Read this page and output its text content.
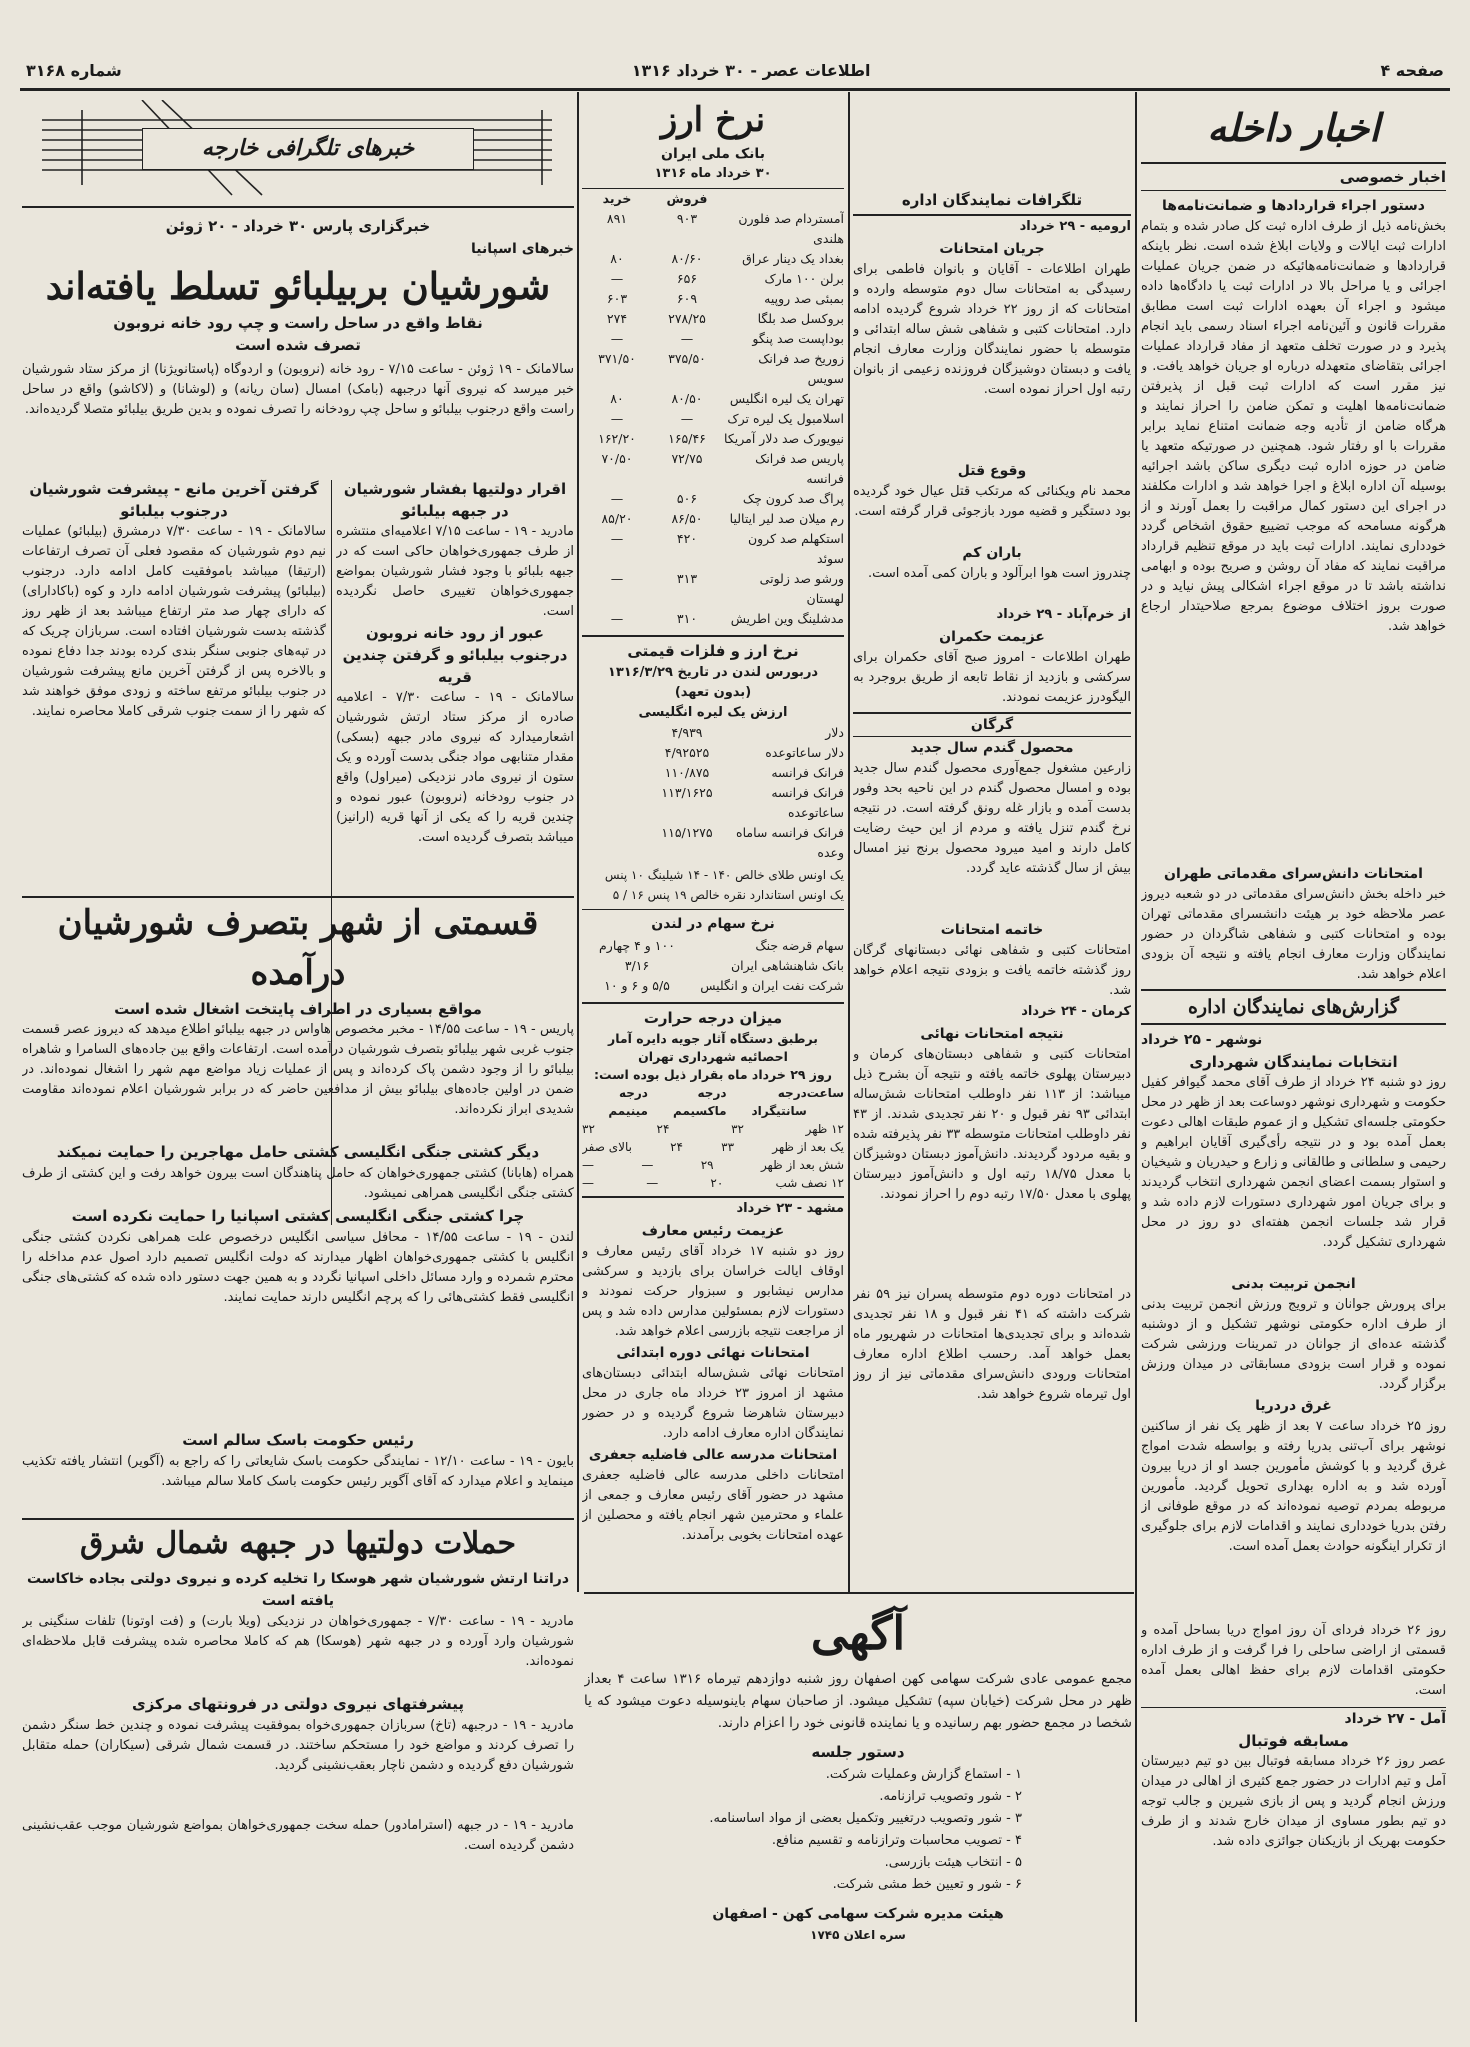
صفحه ۴
اطلاعات عصر - ۳۰ خرداد ۱۳۱۶
شماره ۳۱۶۸

اخبار داخله

اخبار خصوصی

دستور اجراء قراردادها و ضمانت‌نامه‌ها

بخش‌نامه ذیل از طرف اداره ثبت کل صادر شده و بتمام ادارات ثبت ایالات و ولایات ابلاغ شده است. نظر باینکه قراردادها و ضمانت‌نامه‌هائیکه در ضمن جریان عملیات اجرائی و یا مراحل بالا در ادارات ثبت یا دادگاه‌ها داده میشود و اجراء آن بعهده ادارات ثبت است مطابق مقررات قانون و آئین‌نامه اجراء اسناد رسمی باید انجام پذیرد و در صورت تخلف متعهد از مفاد قرارداد عملیات اجرائی بتقاضای متعهدله درباره او جریان خواهد یافت. و نیز مقرر است که ادارات ثبت قبل از پذیرفتن ضمانت‌نامه‌ها اهلیت و تمکن ضامن را احراز نمایند و هرگاه ضامن از تأدیه وجه ضمانت امتناع نماید برابر مقررات با او رفتار شود. همچنین در صورتیکه متعهد یا ضامن در حوزه اداره ثبت دیگری ساکن باشد اجرائیه بوسیله آن اداره ابلاغ و اجرا خواهد شد و ادارات مکلفند در اجرای این دستور کمال مراقبت را بعمل آورند و از هرگونه مسامحه که موجب تضییع حقوق اشخاص گردد خودداری نمایند. ادارات ثبت باید در موقع تنظیم قرارداد مراقبت نمایند که مفاد آن روشن و صریح بوده و ابهامی نداشته باشد تا در موقع اجراء اشکالی پیش نیاید و در صورت بروز اختلاف موضوع بمرجع صلاحیتدار ارجاع خواهد شد.

امتحانات دانش‌سرای مقدماتی طهران

خبر داخله بخش دانش‌سرای مقدماتی در دو شعبه دیروز عصر ملاحظه خود بر هیئت دانشسرای مقدماتی تهران بوده و امتحانات کتبی و شفاهی شاگردان در حضور نمایندگان وزارت معارف انجام یافته و نتیجه آن بزودی اعلام خواهد شد.

گزارش‌های نمایندگان اداره

نوشهر - ۲۵ خرداد

انتخابات نمایندگان شهرداری

روز دو شنبه ۲۴ خرداد از طرف آقای محمد گیوافر کفیل حکومت و شهرداری نوشهر دوساعت بعد از ظهر در محل حکومتی جلسه‌ای تشکیل و از عموم طبقات اهالی دعوت بعمل آمده بود و در نتیجه رأی‌گیری آقایان ابراهیم و رحیمی و سلطانی و طالقانی و زارع و حیدریان و شیخیان و استوار بسمت اعضای انجمن شهرداری انتخاب گردیدند و برای جریان امور شهرداری دستورات لازم داده شد و قرار شد جلسات انجمن هفته‌ای دو روز در محل شهرداری تشکیل گردد.

انجمن تربیت بدنی

برای پرورش جوانان و ترویج ورزش انجمن تربیت بدنی از طرف اداره حکومتی نوشهر تشکیل و از دوشنبه گذشته عده‌ای از جوانان در تمرینات ورزشی شرکت نموده و قرار است بزودی مسابقاتی در میدان ورزش برگزار گردد.

غرق دردریا

روز ۲۵ خرداد ساعت ۷ بعد از ظهر یک نفر از ساکنین نوشهر برای آب‌تنی بدریا رفته و بواسطه شدت امواج غرق گردید و با کوشش مأمورین جسد او از دریا بیرون آورده شد و به اداره بهداری تحویل گردید. مأمورین مربوطه بمردم توصیه نموده‌اند که در موقع طوفانی از رفتن بدریا خودداری نمایند و اقدامات لازم برای جلوگیری از تکرار اینگونه حوادث بعمل آمده است.

روز ۲۶ خرداد فردای آن روز امواج دریا بساحل آمده و قسمتی از اراضی ساحلی را فرا گرفت و از طرف اداره حکومتی اقدامات لازم برای حفظ اهالی بعمل آمده است.

آمل - ۲۷ خرداد

مسابقه فوتبال

عصر روز ۲۶ خرداد مسابقه فوتبال بین دو تیم دبیرستان آمل و تیم ادارات در حضور جمع کثیری از اهالی در میدان ورزش انجام گردید و پس از بازی شیرین و جالب توجه دو تیم بطور مساوی از میدان خارج شدند و از طرف حکومت بهریک از بازیکنان جوائزی داده شد.

تلگرافات نمایندگان اداره

ارومیه - ۲۹ خرداد

جریان امتحانات

طهران اطلاعات - آقایان و بانوان فاطمی برای رسیدگی به امتحانات سال دوم متوسطه وارده و امتحانات که از روز ۲۲ خرداد شروع گردیده ادامه دارد. امتحانات کتبی و شفاهی شش ساله ابتدائی و متوسطه با حضور نمایندگان وزارت معارف انجام یافت و دبستان دوشیزگان فروزنده زعیمی از بانوان رتبه اول احراز نموده است.

وقوع قتل

محمد نام ویکنائی که مرتکب قتل عیال خود گردیده بود دستگیر و قضیه مورد بازجوئی قرار گرفته است.

باران کم

چندروز است هوا ابرآلود و باران کمی آمده است.

از خرم‌آباد - ۲۹ خرداد

عزیمت حکمران

طهران اطلاعات - امروز صبح آقای حکمران برای سرکشی و بازدید از نقاط تابعه از طریق بروجرد به الیگودرز عزیمت نمودند.

گرگان

محصول گندم سال جدید

زارعین مشغول جمع‌آوری محصول گندم سال جدید بوده و امسال محصول گندم در این ناحیه بحد وفور بدست آمده و بازار غله رونق گرفته است. در نتیجه نرخ گندم تنزل یافته و مردم از این حیث رضایت کامل دارند و امید میرود محصول برنج نیز امسال بیش از سال گذشته عاید گردد.

خاتمه امتحانات

امتحانات کتبی و شفاهی نهائی دبستانهای گرگان روز گذشته خاتمه یافت و بزودی نتیجه اعلام خواهد شد.

کرمان - ۲۴ خرداد

نتیجه امتحانات نهائی

امتحانات کتبی و شفاهی دبستان‌های کرمان و دبیرستان پهلوی خاتمه یافته و نتیجه آن بشرح ذیل میباشد: از ۱۱۳ نفر داوطلب امتحانات شش‌ساله ابتدائی ۹۳ نفر قبول و ۲۰ نفر تجدیدی شدند. از ۴۳ نفر داوطلب امتحانات متوسطه ۳۳ نفر پذیرفته شده و بقیه مردود گردیدند. دانش‌آموز دبستان دوشیزگان با معدل ۱۸/۷۵ رتبه اول و دانش‌آموز دبیرستان پهلوی با معدل ۱۷/۵۰ رتبه دوم را احراز نمودند.

در امتحانات دوره دوم متوسطه پسران نیز ۵۹ نفر شرکت داشته که ۴۱ نفر قبول و ۱۸ نفر تجدیدی شده‌اند و برای تجدیدی‌ها امتحانات در شهریور ماه بعمل خواهد آمد. رحسب اطلاع اداره معارف امتحانات ورودی دانش‌سرای مقدماتی نیز از روز اول تیرماه شروع خواهد شد.

نرخ ارز

بانک ملی ایران

۳۰ خرداد ماه ۱۳۱۶

فروش
خرید
آمستردام صد فلورن هلندی
۹۰۳
۸۹۱
بغداد یک دینار عراق
۸۰/۶۰
۸۰
برلن ۱۰۰ مارک
۶۵۶
—
بمبئی صد روپیه
۶۰۹
۶۰۳
بروکسل صد بلگا
۲۷۸/۲۵
۲۷۴
بوداپست صد پنگو
—
—
زوریخ صد فرانک سویس
۳۷۵/۵۰
۳۷۱/۵۰
تهران یک لیره انگلیس
۸۰/۵۰
۸۰
اسلامبول یک لیره ترک
—
—
نیویورک صد دلار آمریکا
۱۶۵/۴۶
۱۶۲/۲۰
پاریس صد فرانک فرانسه
۷۲/۷۵
۷۰/۵۰
پراگ صد کرون چک
۵۰۶
—
رم میلان صد لیر ایتالیا
۸۶/۵۰
۸۵/۲۰
استکهلم صد کرون سوئد
۴۲۰
—
ورشو صد زلوتی لهستان
۳۱۳
—
مدشلینگ وین اطریش
۳۱۰
—

نرخ ارز و فلزات قیمتی

دربورس لندن در تاریخ ۱۳۱۶/۳/۲۹

(بدون تعهد)

ارزش یک لیره انگلیسی

دلار
۴/۹۳۹
دلار ساعاتوعده
۴/۹۲۵۲۵
فرانک فرانسه
۱۱۰/۸۷۵
فرانک فرانسه ساعاتوعده
۱۱۳/۱۶۲۵
فرانک فرانسه ساماه وعده
۱۱۵/۱۲۷۵

یک اونس طلای خالص ۱۴۰ - ۱۴ شیلینگ ۱۰ پنس

یک اونس استاندارد نقره خالص ۱۹ پنس ۱۶ / ۵

نرخ سهام در لندن

سهام قرضه جنگ
۱۰۰ و ۴ چهارم
بانک شاهنشاهی ایران
۳/۱۶
شرکت نفت ایران و انگلیس
۵/۵ و ۶ و ۱۰

میزان درجه حرارت

برطبق دستگاه آثار جویه دایره آمار

احصائیه شهرداری تهران

روز ۲۹ خرداد ماه بقرار ذیل بوده است:

ساعت
درجه سانتیگراد
درجه ماکسیمم
درجه مینیمم
۱۲ ظهر
۳۲
۲۴
۳۲
یک بعد از ظهر
۳۳
۲۴
بالای صفر
شش بعد از ظهر
۲۹
—
—
۱۲ نصف شب
۲۰
—
—

مشهد - ۲۳ خرداد

عزیمت رئیس معارف

روز دو شنبه ۱۷ خرداد آقای رئیس معارف و اوقاف ایالت خراسان برای بازدید و سرکشی مدارس نیشابور و سبزوار حرکت نمودند و دستورات لازم بمسئولین مدارس داده شد و پس از مراجعت نتیجه بازرسی اعلام خواهد شد.

امتحانات نهائی دوره ابتدائی

امتحانات نهائی شش‌ساله ابتدائی دبستان‌های مشهد از امروز ۲۳ خرداد ماه جاری در محل دبیرستان شاهرضا شروع گردیده و در حضور نمایندگان اداره معارف ادامه دارد.

امتحانات مدرسه عالی فاضلیه جعفری

امتحانات داخلی مدرسه عالی فاضلیه جعفری مشهد در حضور آقای رئیس معارف و جمعی از علماء و محترمین شهر انجام یافته و محصلین از عهده امتحانات بخوبی برآمدند.

خبرهای تلگرافی خارجه

خبرگزاری پارس ۳۰ خرداد - ۲۰ ژوئن

خبرهای اسپانیا

شورشیان بربیلبائو تسلط یافته‌اند

نقاط واقع در ساحل راست و چپ رود خانه نروبون

تصرف شده است

سالامانک - ۱۹ ژوئن - ساعت ۷/۱۵ - رود خانه (نروبون) و اردوگاه (پاستانویژنا) از مرکز ستاد شورشیان خبر میرسد که نیروی آنها درجبهه (بامک) امسال (سان ریانه) و (لوشانا) و (لاکاشو) واقع در ساحل راست واقع درجنوب بیلبائو و ساحل چپ رودخانه را تصرف نموده و بدین طریق بیلبائو متصلا گردیده‌اند.

اقرار دولتیها بفشار شورشیان در جبهه بیلبائو

مادرید - ۱۹ - ساعت ۷/۱۵ اعلامیه‌ای منتشره از طرف جمهوری‌خواهان حاکی است که در جبهه بلبائو با وجود فشار شورشیان بمواضع جمهوری‌خواهان تغییری حاصل نگردیده است.

عبور از رود خانه نروبون درجنوب بیلبائو و گرفتن چندین قریه

سالامانک - ۱۹ - ساعت ۷/۳۰ - اعلامیه صادره از مرکز ستاد ارتش شورشیان اشعارمیدارد که نیروی مادر جبهه (بسکی) مقدار متنابهی مواد جنگی بدست آورده و یک ستون از نیروی مادر نزدیکی (میراول) واقع در جنوب رودخانه (نروبون) عبور نموده و چندین قریه را که یکی از آنها قریه (ارانیز) میباشد بتصرف گردیده است.

گرفتن آخرین مانع - پیشرفت شورشیان درجنوب بیلبائو

سالامانک - ۱۹ - ساعت ۷/۳۰ درمشرق (بیلبائو) عملیات نیم دوم شورشیان که مقصود فعلی آن تصرف ارتفاعات (ارتیقا) میباشد باموفقیت کامل ادامه دارد. درجنوب (بیلبائو) پیشرفت شورشیان ادامه دارد و کوه (باکادارای) که دارای چهار صد متر ارتفاع میباشد بعد از ظهر روز گذشته بدست شورشیان افتاده است. سربازان چریک که در تپه‌های جنوبی سنگر بندی کرده بودند جدا دفاع نموده و بالاخره پس از گرفتن آخرین مانع پیشرفت شورشیان در جنوب بیلبائو مرتفع ساخته و زودی موفق خواهند شد که شهر را از سمت جنوب شرقی کاملا محاصره نمایند.

قسمتی از شهر بتصرف شورشیان درآمده

مواقع بسیاری در اطراف پایتخت اشغال شده است

پاریس - ۱۹ - ساعت ۱۴/۵۵ - مخبر مخصوص هاواس در جبهه بیلبائو اطلاع میدهد که دیروز عصر قسمت جنوب غربی شهر بیلبائو بتصرف شورشیان درآمده است. ارتفاعات واقع بین جاده‌های السامرا و شاهراه بیلبائو را از وجود دشمن پاک کرده‌اند و پس از عملیات زیاد مواضع مهم شهر را اشغال نموده‌اند. در ضمن در اولین جاده‌های بیلبائو بیش از مدافعین حاضر که در برابر شورشیان اعلام نموده‌اند مقاومت شدیدی ابراز نکرده‌اند.

دیگر کشتی جنگی انگلیسی کشتی حامل مهاجرین را حمایت نمیکند

همراه (هابانا) کشتی جمهوری‌خواهان که حامل پناهندگان است بیرون خواهد رفت و این کشتی از طرف کشتی جنگی انگلیسی همراهی نمیشود.

چرا کشتی جنگی انگلیسی کشتی اسپانیا را حمایت نکرده است

لندن - ۱۹ - ساعت ۱۴/۵۵ - محافل سیاسی انگلیس درخصوص علت همراهی نکردن کشتی جنگی انگلیس با کشتی جمهوری‌خواهان اظهار میدارند که دولت انگلیس تصمیم دارد اصول عدم مداخله را محترم شمرده و وارد مسائل داخلی اسپانیا نگردد و به همین جهت دستور داده شده که کشتی‌های جنگی انگلیسی فقط کشتی‌هائی را که پرچم انگلیس دارند حمایت نمایند.

رئیس حکومت باسک سالم است

بایون - ۱۹ - ساعت ۱۲/۱۰ - نمایندگی حکومت باسک شایعاتی را که راجع به (آگویر) انتشار یافته تکذیب مینماید و اعلام میدارد که آقای آگویر رئیس حکومت باسک کاملا سالم میباشد.

حملات دولتیها در جبهه شمال شرق

دراتنا ارتش شورشیان شهر هوسکا را تخلیه کرده و نیروی دولتی بجاده خاکاست یافته است

مادرید - ۱۹ - ساعت ۷/۳۰ - جمهوری‌خواهان در نزدیکی (ویلا بارت) و (فت اوتونا) تلفات سنگینی بر شورشیان وارد آورده و در جبهه شهر (هوسکا) هم که کاملا محاصره شده پیشرفت قابل ملاحظه‌ای نموده‌اند.

پیشرفتهای نیروی دولتی در فرونتهای مرکزی

مادرید - ۱۹ - درجبهه (تاخ) سربازان جمهوری‌خواه بموفقیت پیشرفت نموده و چندین خط سنگر دشمن را تصرف کردند و مواضع خود را مستحکم ساختند. در قسمت شمال شرقی (سیکاران) حمله متقابل شورشیان دفع گردیده و دشمن ناچار بعقب‌نشینی گردید.

مادرید - ۱۹ - در جبهه (استرامادور) حمله‌ سخت جمهوری‌خواهان بمواضع شورشیان موجب عقب‌نشینی دشمن گردیده است.

آگهی

مجمع عمومی عادی شرکت سهامی کهن اصفهان روز شنبه دوازدهم تیرماه ۱۳۱۶ ساعت ۴ بعداز ظهر در محل شرکت (خیابان سپه) تشکیل میشود. از صاحبان سهام باینوسیله دعوت میشود که یا شخصا در مجمع حضور بهم رسانیده و یا نماینده قانونی خود را اعزام دارند.

دستور جلسه

۱ - استماع گزارش وعملیات شرکت.

۲ - شور وتصویب ترازنامه.

۳ - شور وتصویب درتغییر وتکمیل بعضی از مواد اساسنامه.

۴ - تصویب محاسبات وترازنامه و تقسیم منافع.

۵ - انتخاب هیئت بازرسی.

۶ - شور و تعیین خط مشی شرکت.

هیئت مدیره شرکت سهامی کهن - اصفهان

سره اعلان ۱۷۴۵
